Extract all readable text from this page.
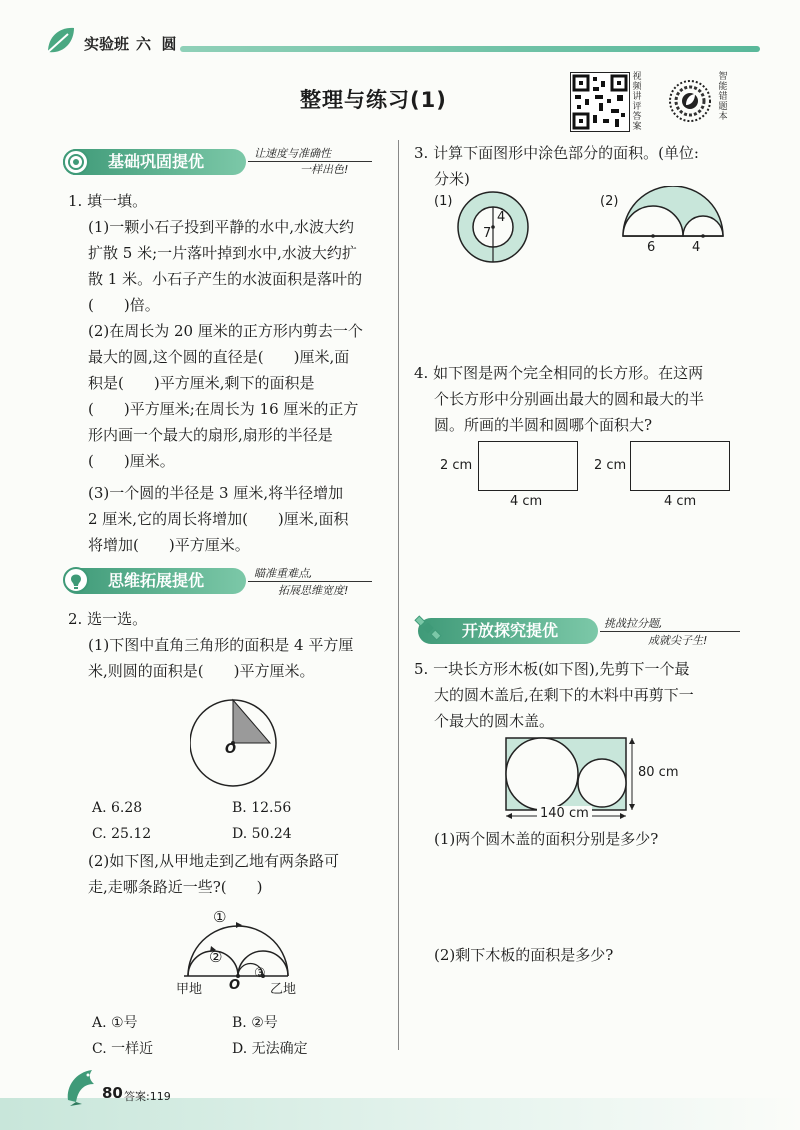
实验班 六 圆
整理与练习(1)
视频讲评答案
智能错题本
基础巩固提优	让速度与准确性
一样出色!
1. 填一填。
(1)一颗小石子投到平静的水中,水波大约
扩散 5 米;一片落叶掉到水中,水波大约扩
散 1 米。小石子产生的水波面积是落叶的
(　　)倍。
(2)在周长为 20 厘米的正方形内剪去一个
最大的圆,这个圆的直径是(　　)厘米,面
积是(　　)平方厘米,剩下的面积是
(　　)平方厘米;在周长为 16 厘米的正方
形内画一个最大的扇形,扇形的半径是
(　　)厘米。
(3)一个圆的半径是 3 厘米,将半径增加
2 厘米,它的周长将增加(　　)厘米,面积
将增加(　　)平方厘米。
思维拓展提优	瞄准重难点,
拓展思维宽度!
2. 选一选。
(1)下图中直角三角形的面积是 4 平方厘
米,则圆的面积是(　　)平方厘米。
O
A. 6.28	B. 12.56
C. 25.12	D. 50.24
(2)如下图,从甲地走到乙地有两条路可
走,走哪条路近一些?(　　)
①
②
③
甲地 O 乙地
A. ①号	B. ②号
C. 一样近	D. 无法确定
3. 计算下面图形中涂色部分的面积。(单位:
分米)
(1)
4
7
(2)
6	4
4. 如下图是两个完全相同的长方形。在这两
个长方形中分别画出最大的圆和最大的半
圆。所画的半圆和圆哪个面积大?
2 cm
4 cm
2 cm
4 cm
开放探究提优	挑战拉分题,
成就尖子生!
5. 一块长方形木板(如下图),先剪下一个最
大的圆木盖后,在剩下的木料中再剪下一
个最大的圆木盖。
80 cm
140 cm
(1)两个圆木盖的面积分别是多少?
(2)剩下木板的面积是多少?
80 答案:119
